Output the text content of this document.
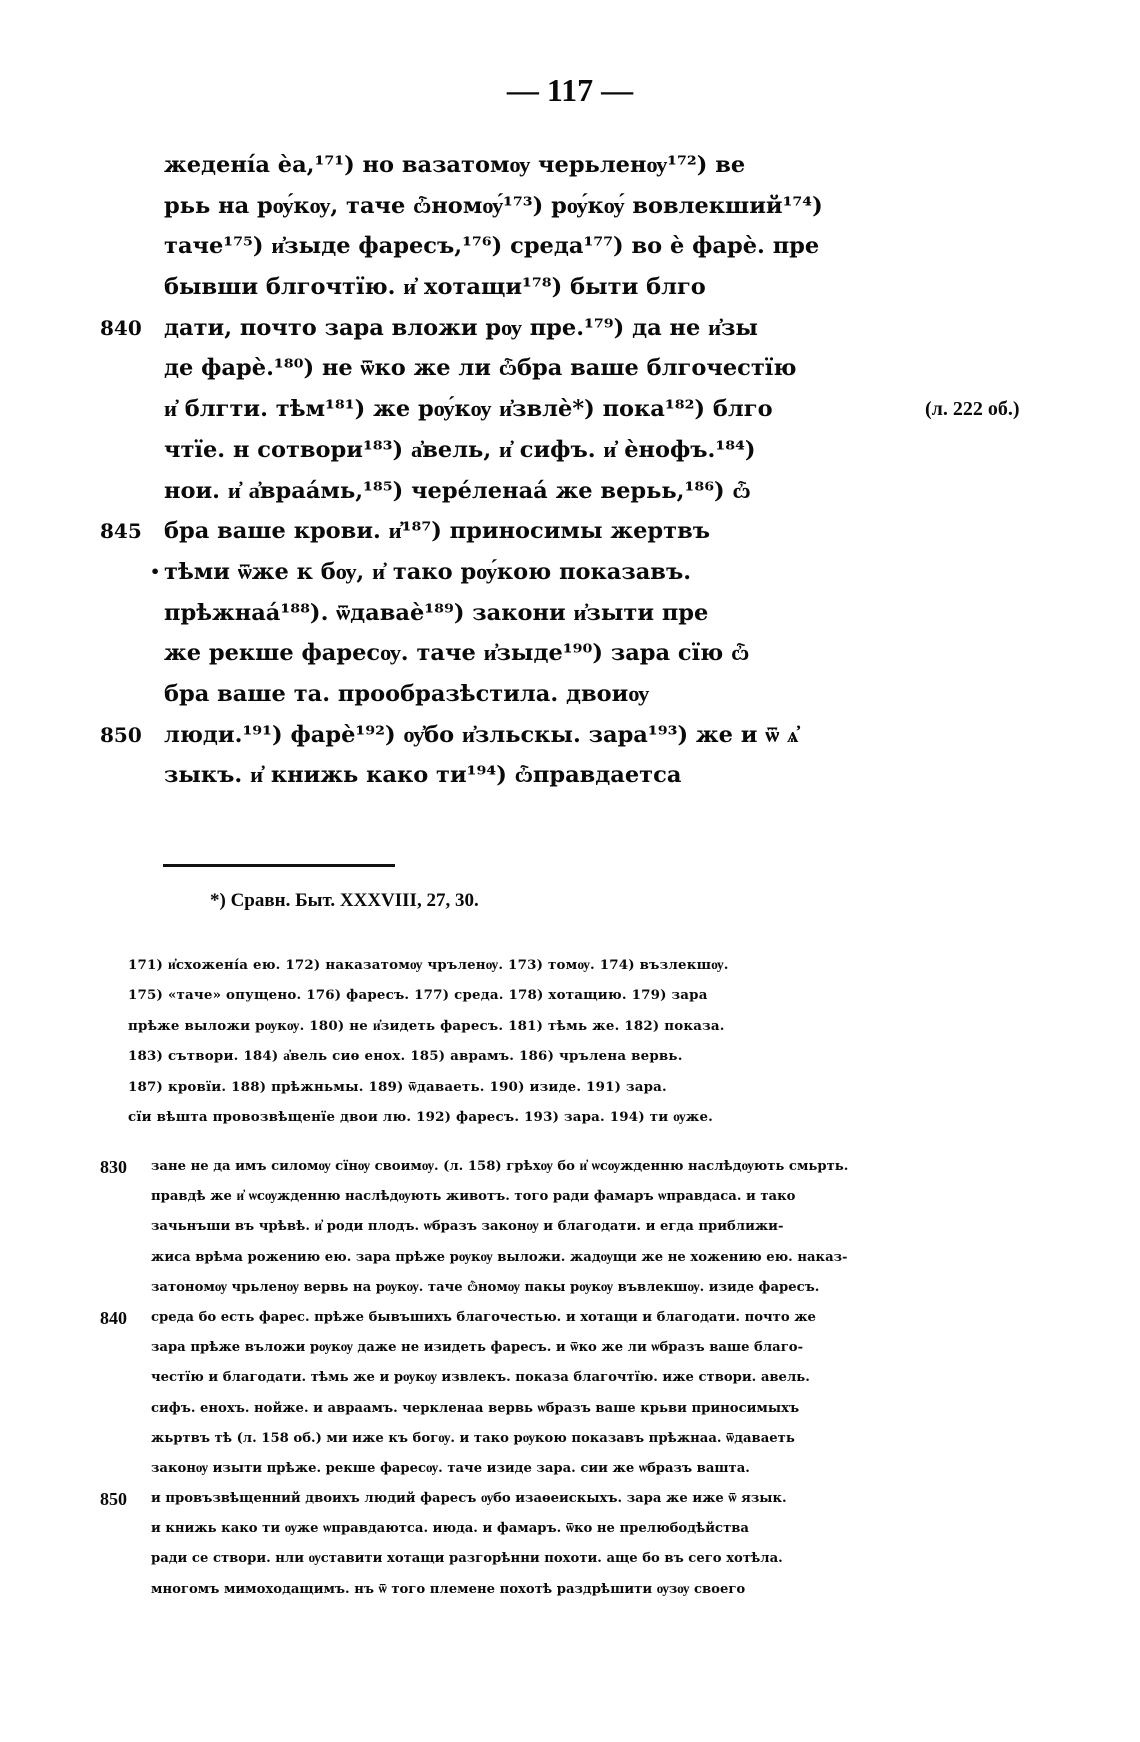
— 117 —
жедені́а ѐа,¹⁷¹) но вазатомѹ черьленѹ¹⁷²) ве
рьь на рѹ́кѹ, таче ѽномѹ́¹⁷³) рѹ́кѹ́ вовлекший¹⁷⁴)
таче¹⁷⁵) и҆зыде фаресъ,¹⁷⁶) среда¹⁷⁷) во ѐ фарѐ. пре
бывши блгочтїю. и҆ хотащи¹⁷⁸) быти блго
840 дати, почто зара вложи рѹ пре.¹⁷⁹) да не и҆зы
де фарѐ.¹⁸⁰) не ѿко же ли ѽбра ваше блгочестїю
и҆ блгти. тѣм¹⁸¹) же рѹ́кѹ и҆звлѐ*) пока¹⁸²) блго	(л. 222 об.)
чтїе. н сотвори¹⁸³) а҆вель, и҆ сифъ. и҆ ѐнофъ.¹⁸⁴)
нои. и҆ а҆враа́мь,¹⁸⁵) чере́ленаа́ же верьь,¹⁸⁶) ѽ
845 бра ваше крови. и҆¹⁸⁷) приносимы жертвъ
тѣми ѿже к бѹ, и҆ тако рѹ́кою показавъ.
•
прѣжнаа́¹⁸⁸). ѿдаваѐ¹⁸⁹) закони и҆зыти пре
же рекше фаресѹ. таче и҆зыде¹⁹⁰) зара сїю ѽ
бра ваше та. прообразѣстила. двоиѹ
850 люди.¹⁹¹) фарѐ¹⁹²) ѹ҆бо и҆зльскы. зара¹⁹³) же и ѿ ѧ҆
зыкъ. и҆ книжь како ти¹⁹⁴) ѽправдаетса
*) Сравн. Быт. XXXVIII, 27, 30.
171) и҆схожені́а ею. 172) наказатомѹ чръленѹ. 173) томѹ. 174) възлекшѹ.
175) «таче» опущено. 176) фаресъ. 177) среда. 178) хотащию. 179) зара
прѣже выложи рѹкѹ. 180) не и҆зидеть фаресъ. 181) тѣмь же. 182) показа.
183) сътвори. 184) а҆вель сиѳ енох. 185) аврамъ. 186) чрълена вервь.
187) кровїи. 188) прѣжньмы. 189) ѿдаваеть. 190) изиде. 191) зара.
сїи вѣшта провозвѣщенїе двои лю. 192) фаресъ. 193) зара. 194) ти ѹже.
830	зане не да имъ силомѹ сїнѹ своимѹ. (л. 158) грѣхѹ бо и҆ ѡсѹжденню наслѣдѹють смьрть.
правдѣ же и҆ ѡсѹжденню наслѣдѹють животъ. того ради фамаръ ѡправдаса. и тако
зачьнъши въ чрѣвѣ. и҆ роди плодъ. ѡбразъ законѹ и благодати. и егда приближи-
жиса врѣма рожению ею. зара прѣже рѹкѹ выложи. жадѹщи же не хожению ею. наказ-
затономѹ чрьленѹ вервь на рѹкѹ. таче ѽномѹ пакы рѹкѹ въвлекшѹ. изиде фаресъ.
840	среда бо есть фарес. прѣже бывъшихъ благочестью. и хотащи и благодати. почто же
зара прѣже въложи рѹкѹ даже не изидеть фаресъ. и ѿко же ли ѡбразъ ваше благо-
честїю и благодати. тѣмь же и рѹкѹ извлекъ. показа благочтїю. иже створи. авель.
сифъ. енохъ. нойже. и авраамъ. черкленаа вервь ѡбразъ ваше крьви приносимыхъ
жьртвъ тѣ (л. 158 об.) ми иже къ богѹ. и тако рѹкою показавъ прѣжнаа. ѿдаваеть
законѹ изыти прѣже. рекше фаресѹ. таче изиде зара. сии же ѡбразъ вашта.
850	и провъзвѣщенний двоихъ людий фаресъ ѹбо изаѳеискыхъ. зара же иже ѿ язык.
и книжь како ти ѹже ѡправдаютса. июда. и фамаръ. ѿко не прелюбодѣйства
ради се створи. нли ѹставити хотащи разгорѣнни похоти. аще бо въ сего хотѣла.
многомъ мимоходащимъ. нъ ѿ того племене похотѣ раздрѣшити ѹзѹ своего
